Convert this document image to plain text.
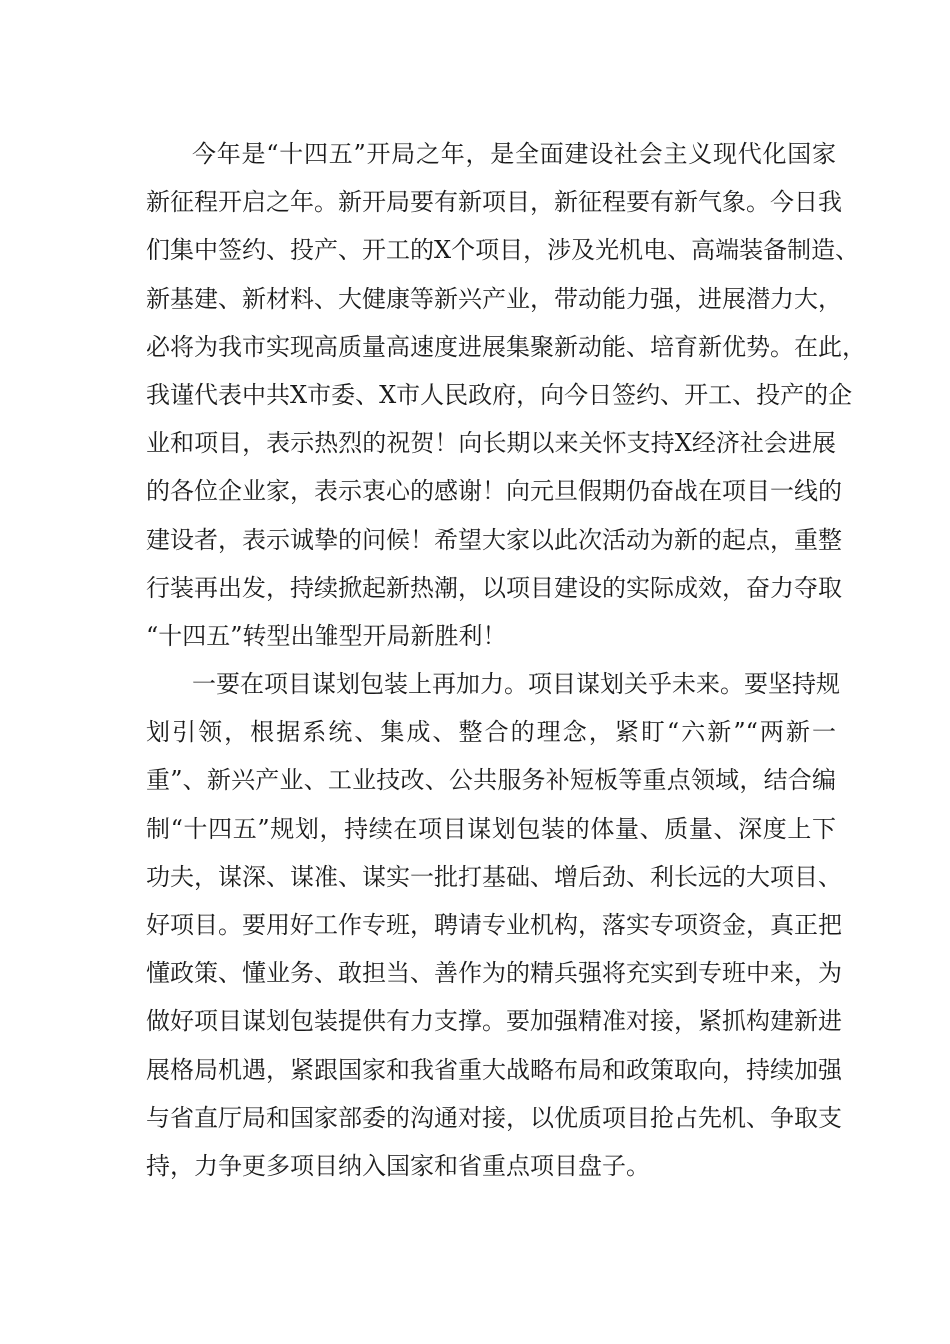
今年是“十四五”开局之年，是全面建设社会主义现代化国家
新征程开启之年。新开局要有新项目，新征程要有新气象。今日我
们集中签约、投产、开工的X个项目，涉及光机电、高端装备制造、
新基建、新材料、大健康等新兴产业，带动能力强，进展潜力大，
必将为我市实现高质量高速度进展集聚新动能、培育新优势。在此，
我谨代表中共X市委、X市人民政府，向今日签约、开工、投产的企
业和项目，表示热烈的祝贺！向长期以来关怀支持X经济社会进展
的各位企业家，表示衷心的感谢！向元旦假期仍奋战在项目一线的
建设者，表示诚挚的问候！希望大家以此次活动为新的起点，重整
行装再出发，持续掀起新热潮，以项目建设的实际成效，奋力夺取
“十四五”转型出雏型开局新胜利！
一要在项目谋划包装上再加力。项目谋划关乎未来。要坚持规
划引领，根据系统、集成、整合的理念，紧盯“六新”“两新一
重”、新兴产业、工业技改、公共服务补短板等重点领域，结合编
制“十四五”规划，持续在项目谋划包装的体量、质量、深度上下
功夫，谋深、谋准、谋实一批打基础、增后劲、利长远的大项目、
好项目。要用好工作专班，聘请专业机构，落实专项资金，真正把
懂政策、懂业务、敢担当、善作为的精兵强将充实到专班中来，为
做好项目谋划包装提供有力支撑。要加强精准对接，紧抓构建新进
展格局机遇，紧跟国家和我省重大战略布局和政策取向，持续加强
与省直厅局和国家部委的沟通对接，以优质项目抢占先机、争取支
持，力争更多项目纳入国家和省重点项目盘子。
